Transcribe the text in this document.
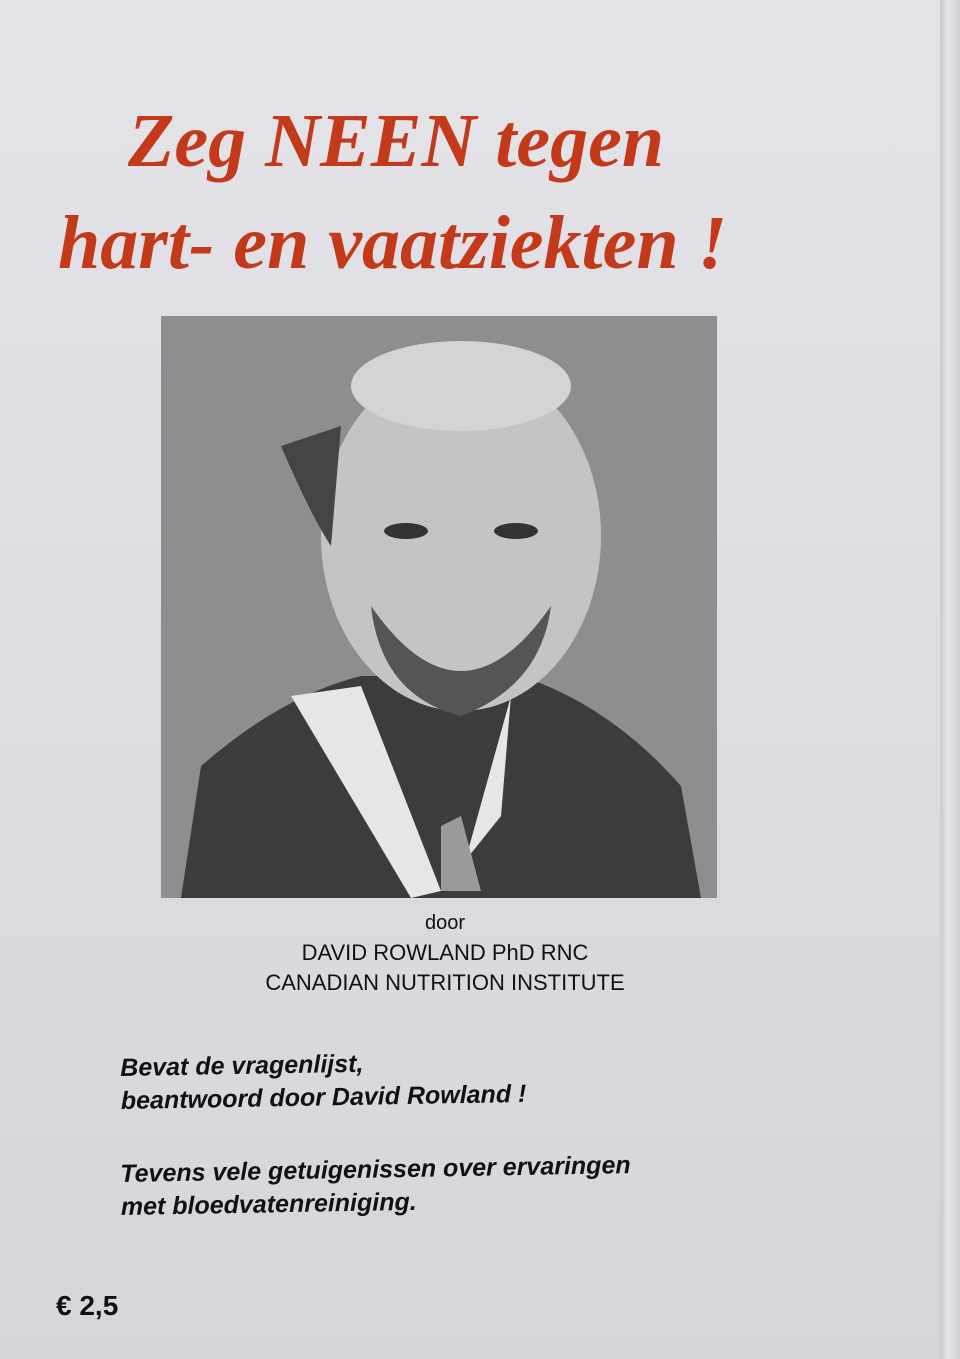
Zeg NEEN tegen
hart- en vaatziekten !
door
DAVID ROWLAND PhD RNC
CANADIAN NUTRITION INSTITUTE
Bevat de vragenlijst,
beantwoord door David Rowland !
Tevens vele getuigenissen over ervaringen
met bloedvatenreiniging.
€ 2,5
